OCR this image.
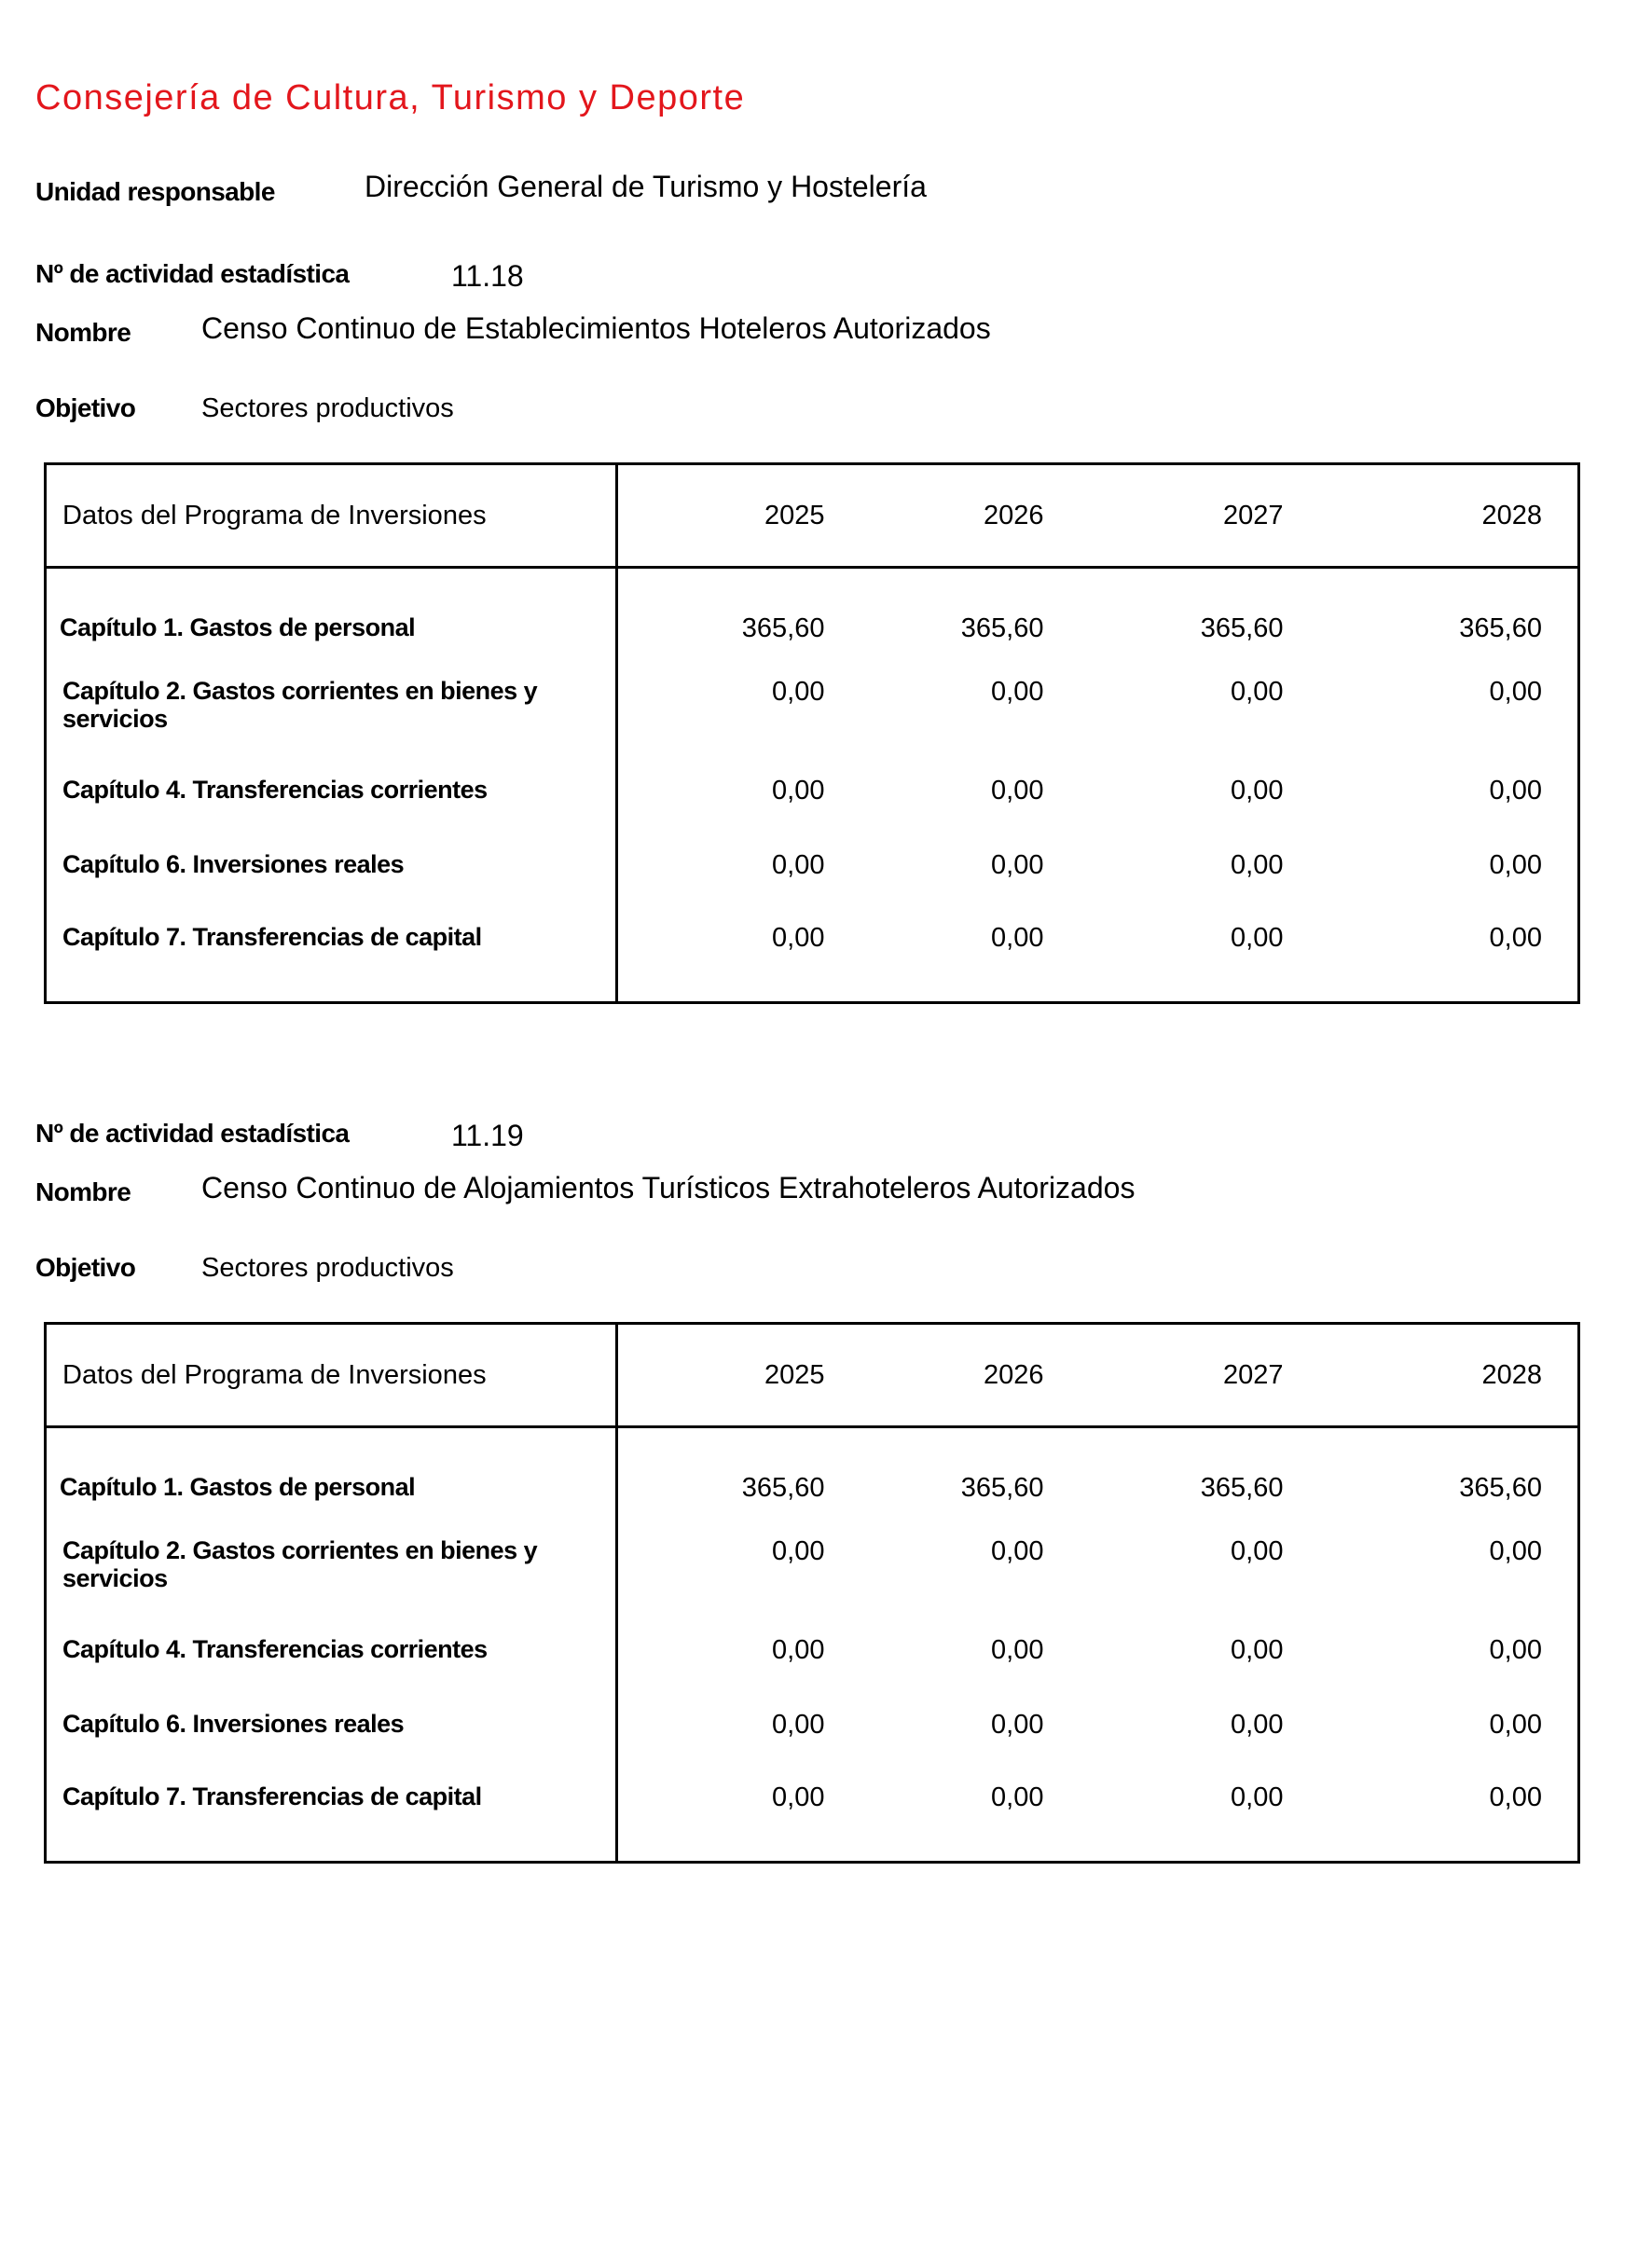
Consejería de Cultura, Turismo y Deporte
Unidad responsable	Dirección General de Turismo y Hostelería
Nº de actividad estadística	11.18
Nombre Censo Continuo de Establecimientos Hoteleros Autorizados
Objetivo Sectores productivos
Datos del Programa de Inversiones	2025	2026	2027	2028
Capítulo 1. Gastos de personal	365,60	365,60	365,60	365,60
Capítulo 2. Gastos corrientes en bienes y servicios	0,00	0,00	0,00	0,00
Capítulo 4. Transferencias corrientes	0,00	0,00	0,00	0,00
Capítulo 6. Inversiones reales	0,00	0,00	0,00	0,00
Capítulo 7. Transferencias de capital	0,00	0,00	0,00	0,00
Nº de actividad estadística	11.19
Nombre Censo Continuo de Alojamientos Turísticos Extrahoteleros Autorizados
Objetivo Sectores productivos
Datos del Programa de Inversiones	2025	2026	2027	2028
Capítulo 1. Gastos de personal	365,60	365,60	365,60	365,60
Capítulo 2. Gastos corrientes en bienes y servicios	0,00	0,00	0,00	0,00
Capítulo 4. Transferencias corrientes	0,00	0,00	0,00	0,00
Capítulo 6. Inversiones reales	0,00	0,00	0,00	0,00
Capítulo 7. Transferencias de capital	0,00	0,00	0,00	0,00
